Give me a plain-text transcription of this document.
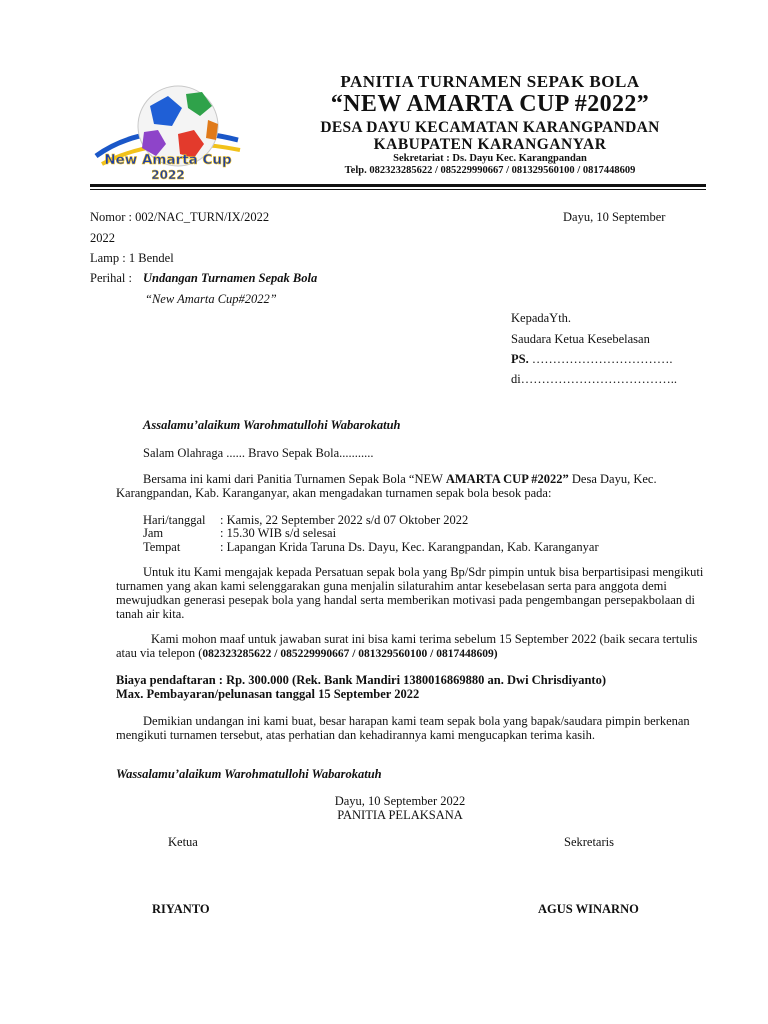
New Amarta Cup
2022
PANITIA TURNAMEN SEPAK BOLA
“NEW AMARTA CUP #2022”
DESA DAYU KECAMATAN KARANGPANDAN
KABUPATEN KARANGANYAR
Sekretariat : Ds. Dayu Kec. Karangpandan
Telp. 082323285622 / 085229990667 / 081329560100 / 0817448609
Nomor : 002/NAC_TURN/IX/2022	Dayu, 10 September
2022
Lamp : 1 Bendel
Perihal : Undangan Turnamen Sepak Bola
“New Amarta Cup#2022”
KepadaYth.
Saudara Ketua Kesebelasan
PS. …………………………….
di………………………………..
Assalamu’alaikum Warohmatullohi Wabarokatuh
Salam Olahraga ...... Bravo Sepak Bola...........
Bersama ini kami dari Panitia Turnamen Sepak Bola “NEW AMARTA CUP #2022” Desa Dayu, Kec. Karangpandan, Kab. Karanganyar, akan mengadakan turnamen sepak bola besok pada:
Hari/tanggal : Kamis, 22 September 2022 s/d 07 Oktober 2022
Jam	: 15.30 WIB s/d selesai
Tempat	: Lapangan Krida Taruna Ds. Dayu, Kec. Karangpandan, Kab. Karanganyar
Untuk itu Kami mengajak kepada Persatuan sepak bola yang Bp/Sdr pimpin untuk bisa berpartisipasi mengikuti turnamen yang akan kami selenggarakan guna menjalin silaturahim antar kesebelasan serta para anggota demi mewujudkan generasi pesepak bola yang handal serta memberikan motivasi pada pengembangan persepakbolaan di tanah air kita.
Kami mohon maaf untuk jawaban surat ini bisa kami terima sebelum 15 September 2022 (baik secara tertulis atau via telepon (082323285622 / 085229990667 / 081329560100 / 0817448609)
Biaya pendaftaran : Rp. 300.000 (Rek. Bank Mandiri 1380016869880 an. Dwi Chrisdiyanto)
Max. Pembayaran/pelunasan tanggal 15 September 2022
Demikian undangan ini kami buat, besar harapan kami team sepak bola yang bapak/saudara pimpin berkenan mengikuti turnamen tersebut, atas perhatian dan kehadirannya kami mengucapkan terima kasih.
Wassalamu’alaikum Warohmatullohi Wabarokatuh
Dayu, 10 September 2022
PANITIA PELAKSANA
Ketua	Sekretaris
RIYANTO	AGUS WINARNO
